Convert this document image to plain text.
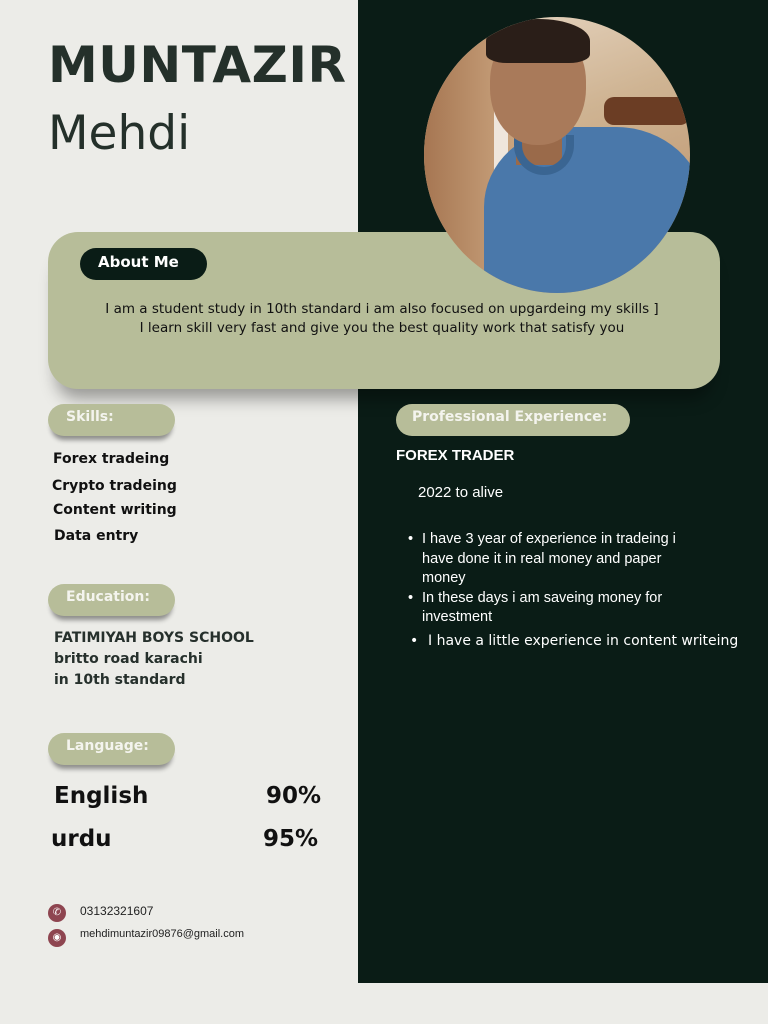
MUNTAZIR
Mehdi
About Me
I am a student study in 10th standard i am also focused on upgardeing my skills ]
I learn skill very fast and give you the best quality work that satisfy you
Skills:
Forex tradeing
Crypto tradeing
Content writing
Data entry
Education:
FATIMIYAH BOYS SCHOOL
britto road karachi
in 10th standard
Language:
English	90%
urdu	95%
✆	03132321607
◉	mehdimuntazir09876@gmail.com
Professional Experience:
FOREX TRADER
2022 to alive
• I have 3 year of experience in tradeing i have done it in real money and paper money
• In these days i am saveing money for investment
• I have a little experience in content writeing
